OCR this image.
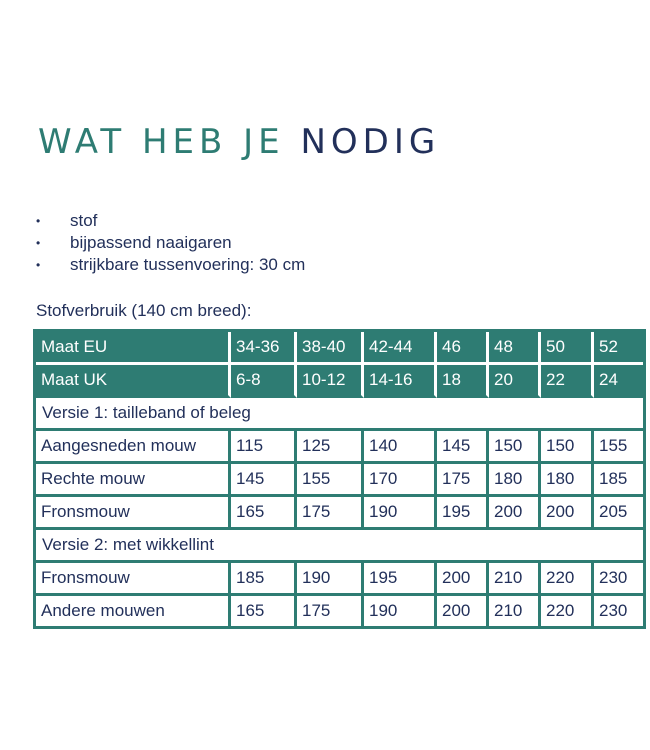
WAT HEB JE NODIG
• stof
• bijpassend naaigaren
• strijkbare tussenvoering: 30 cm

Stofverbruik (140 cm breed):

Maat EU	34-36	38-40	42-44	46	48	50	52
Maat UK	6-8	10-12	14-16	18	20	22	24
Versie 1: tailleband of beleg							
Aangesneden mouw	115	125	140	145	150	150	155
Rechte mouw	145	155	170	175	180	180	185
Fronsmouw	165	175	190	195	200	200	205
Versie 2: met wikkellint							
Fronsmouw	185	190	195	200	210	220	230
Andere mouwen	165	175	190	200	210	220	230
